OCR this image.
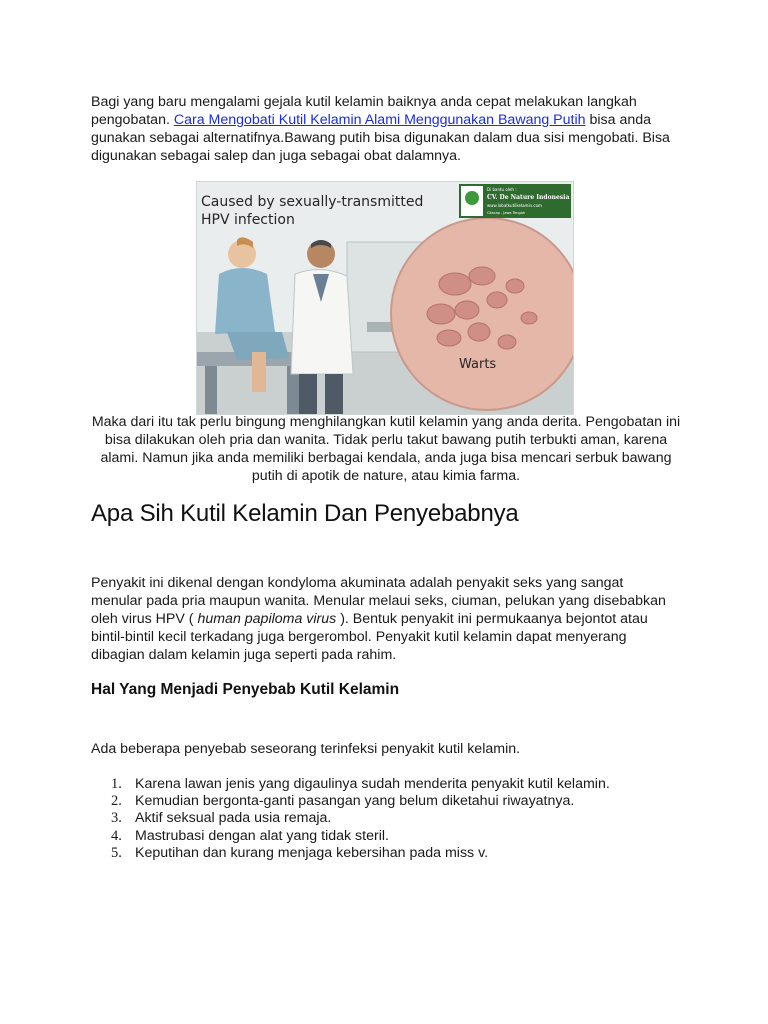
Bagi yang baru mengalami gejala kutil kelamin baiknya anda cepat melakukan langkah pengobatan. Cara Mengobati Kutil Kelamin Alami Menggunakan Bawang Putih bisa anda gunakan sebagai alternatifnya.Bawang putih bisa digunakan dalam dua sisi mengobati. Bisa digunakan sebagai salep dan juga sebagai obat dalamnya.

Caused by sexually-transmitted
HPV infection
Warts
Di bantu oleh :
CV. De Nature Indonesia
www.lobatkutilkelamin.com
Cilacap - Jawa Tengah

Maka dari itu tak perlu bingung menghilangkan kutil kelamin yang anda derita. Pengobatan ini bisa dilakukan oleh pria dan wanita. Tidak perlu takut bawang putih terbukti aman, karena alami. Namun jika anda memiliki berbagai kendala, anda juga bisa mencari serbuk bawang putih di apotik de nature, atau kimia farma.

Apa Sih Kutil Kelamin Dan Penyebabnya

Penyakit ini dikenal dengan kondyloma akuminata adalah penyakit seks yang sangat menular pada pria maupun wanita. Menular melaui seks, ciuman, pelukan yang disebabkan oleh virus HPV ( human papiloma virus ). Bentuk penyakit ini permukaanya bejontot atau bintil-bintil kecil terkadang juga bergerombol. Penyakit kutil kelamin dapat menyerang dibagian dalam kelamin juga seperti pada rahim.

Hal Yang Menjadi Penyebab Kutil Kelamin

Ada beberapa penyebab seseorang terinfeksi penyakit kutil kelamin.

1. Karena lawan jenis yang digaulinya sudah menderita penyakit kutil kelamin.
2. Kemudian bergonta-ganti pasangan yang belum diketahui riwayatnya.
3. Aktif seksual pada usia remaja.
4. Mastrubasi dengan alat yang tidak steril.
5. Keputihan dan kurang menjaga kebersihan pada miss v.
